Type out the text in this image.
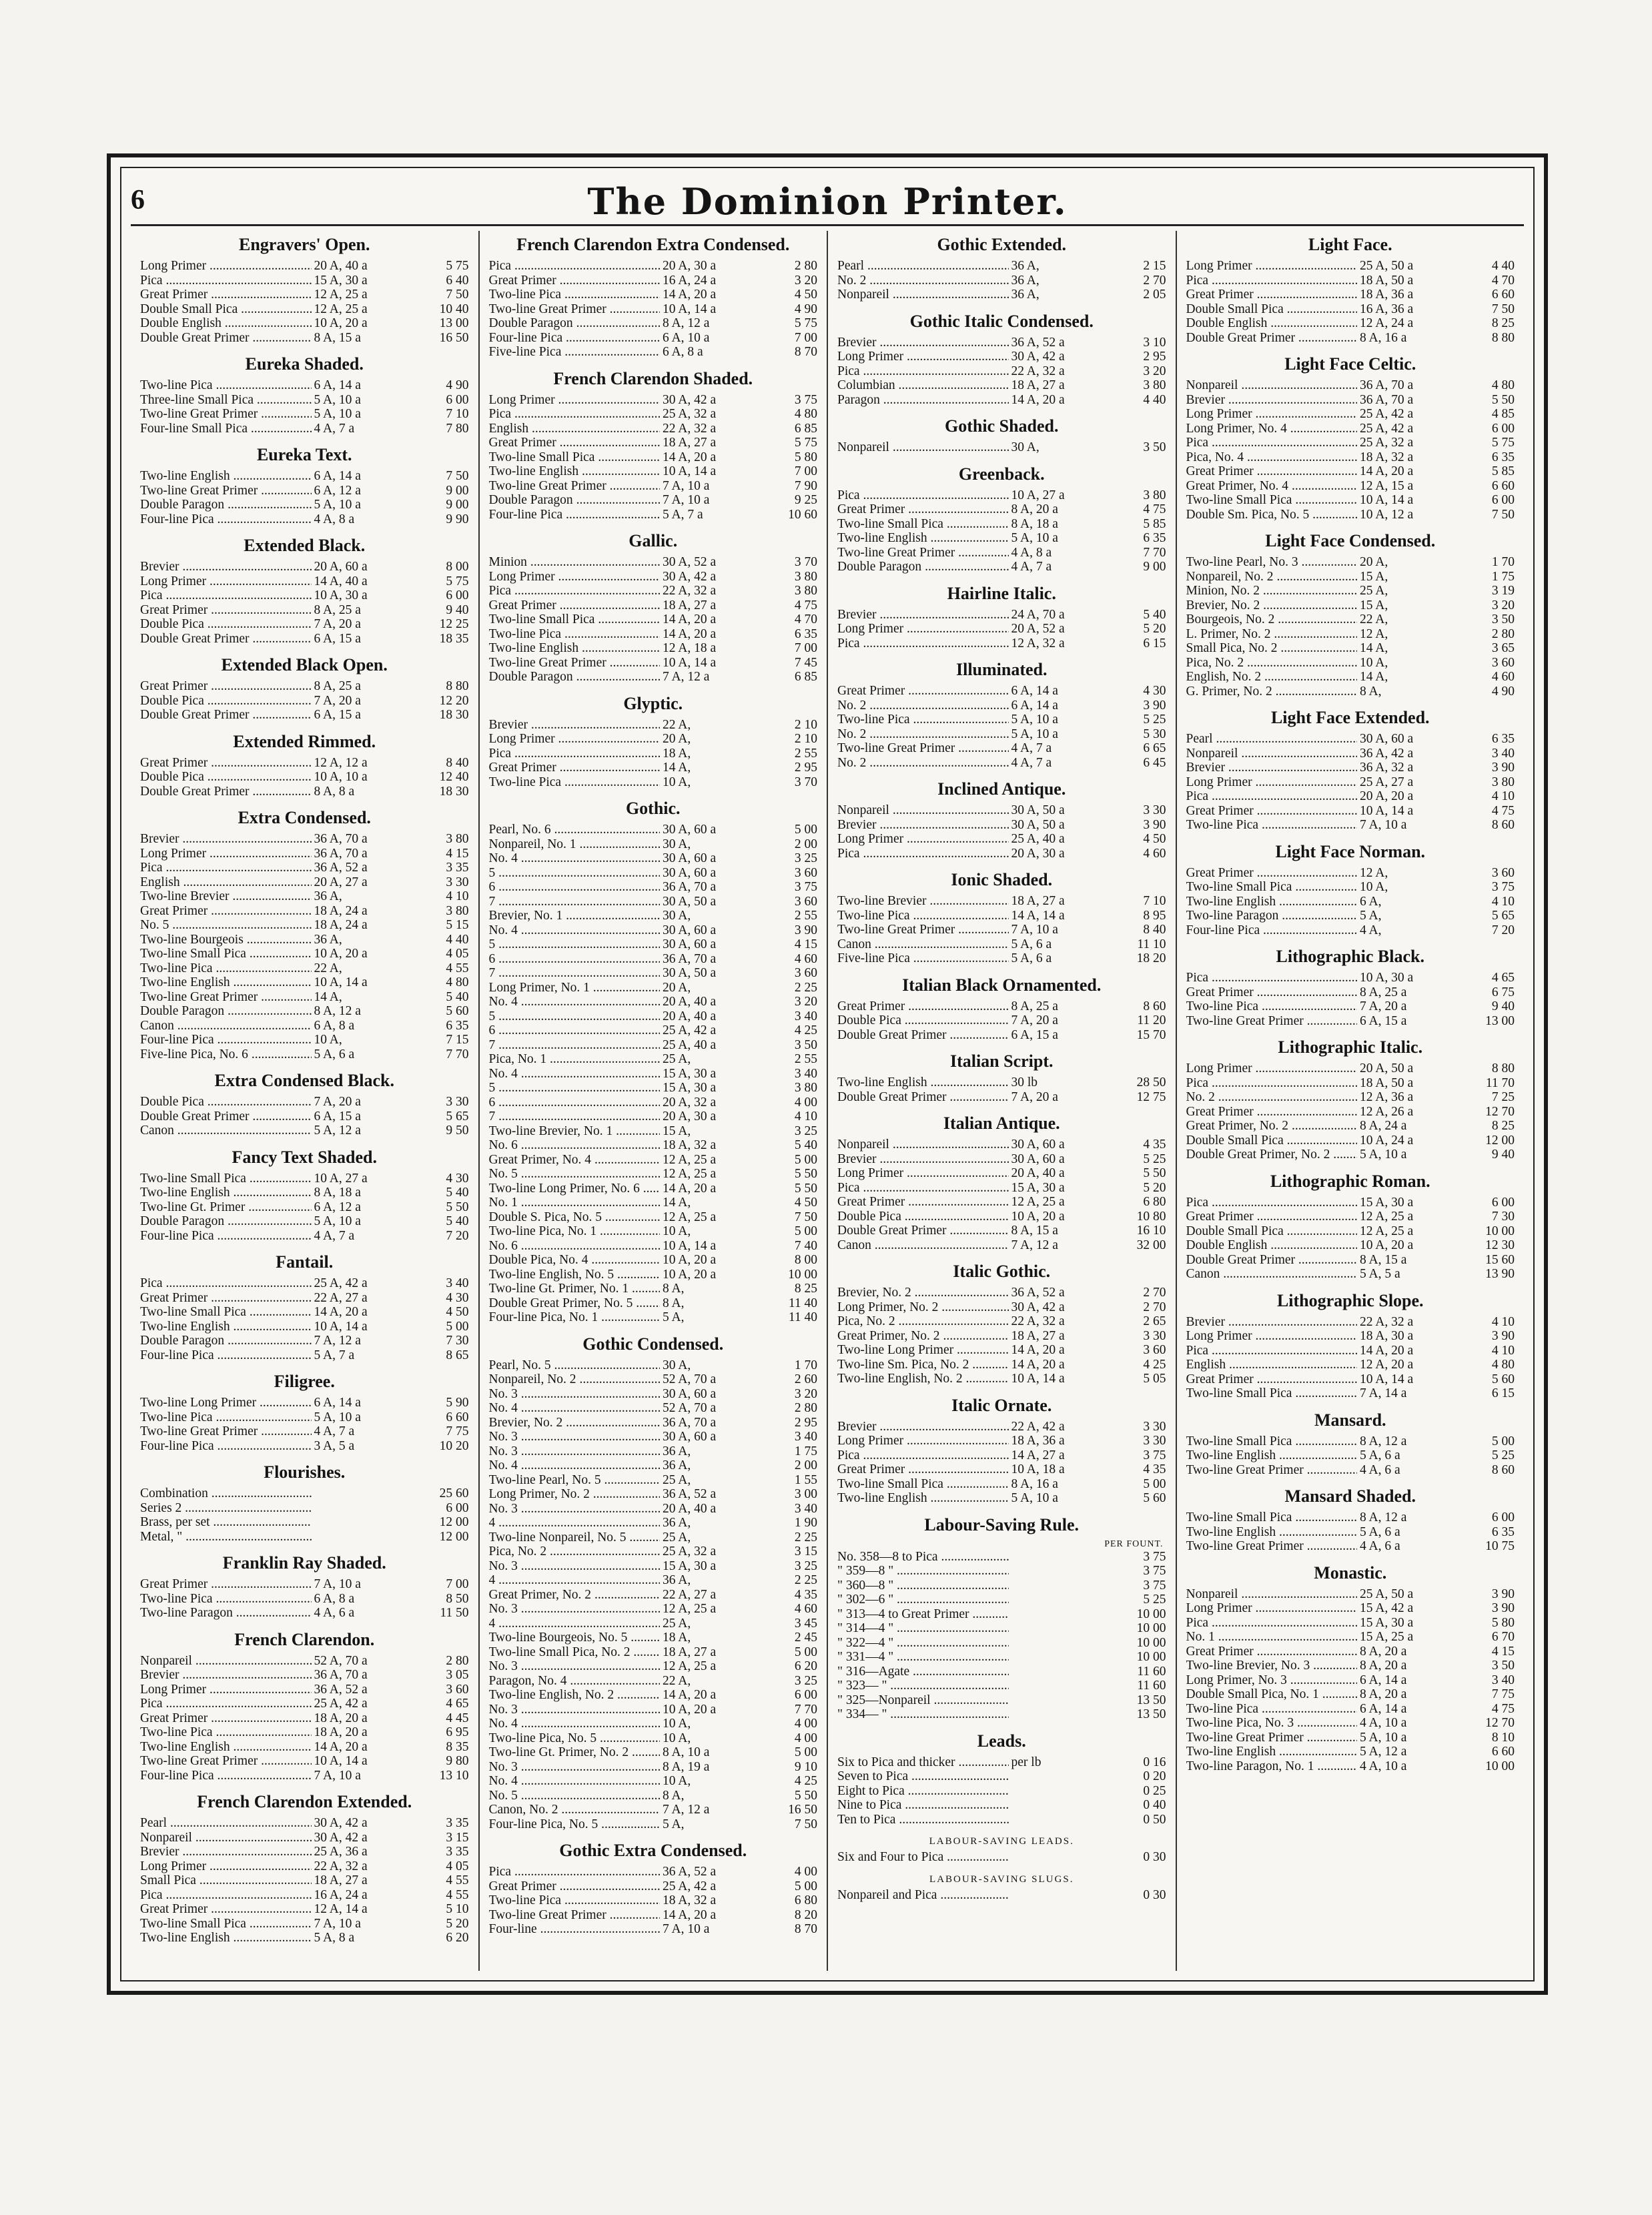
6	The Dominion Printer.
Engravers' Open.
Long Primer .....	20 A, 40 a	5 75
Pica .....	15 A, 30 a	6 40
Great Primer .....	12 A, 25 a	7 50
Double Small Pica .....	12 A, 25 a	10 40
Double English .....	10 A, 20 a	13 00
Double Great Primer .....	8 A, 15 a	16 50
Eureka Shaded.
Two-line Pica .....	6 A, 14 a	4 90
Three-line Small Pica .....	5 A, 10 a	6 00
Two-line Great Primer .....	5 A, 10 a	7 10
Four-line Small Pica .....	4 A, 7 a	7 80
Eureka Text.
Two-line English .....	6 A, 14 a	7 50
Two-line Great Primer .....	6 A, 12 a	9 00
Double Paragon .....	5 A, 10 a	9 00
Four-line Pica .....	4 A, 8 a	9 90
Extended Black.
Brevier .....	20 A, 60 a	8 00
Long Primer .....	14 A, 40 a	5 75
Pica .....	10 A, 30 a	6 00
Great Primer .....	8 A, 25 a	9 40
Double Pica .....	7 A, 20 a	12 25
Double Great Primer .....	6 A, 15 a	18 35
Extended Black Open.
Great Primer .....	8 A, 25 a	8 80
Double Pica .....	7 A, 20 a	12 20
Double Great Primer .....	6 A, 15 a	18 30
Extended Rimmed.
Great Primer .....	12 A, 12 a	8 40
Double Pica .....	10 A, 10 a	12 40
Double Great Primer .....	8 A, 8 a	18 30
Extra Condensed.
Brevier .....	36 A, 70 a	3 80
Long Primer .....	36 A, 70 a	4 15
Pica .....	36 A, 52 a	3 35
English .....	20 A, 27 a	3 30
Two-line Brevier .....	36 A,	4 10
Great Primer .....	18 A, 24 a	3 80
No. 5 .....	18 A, 24 a	5 15
Two-line Bourgeois .....	36 A,	4 40
Two-line Small Pica .....	10 A, 20 a	4 05
Two-line Pica .....	22 A,	4 55
Two-line English .....	10 A, 14 a	4 80
Two-line Great Primer .....	14 A,	5 40
Double Paragon .....	8 A, 12 a	5 60
Canon .....	6 A, 8 a	6 35
Four-line Pica .....	10 A,	7 15
Five-line Pica, No. 6 .....	5 A, 6 a	7 70
Extra Condensed Black.
Double Pica .....	7 A, 20 a	3 30
Double Great Primer .....	6 A, 15 a	5 65
Canon .....	5 A, 12 a	9 50
Fancy Text Shaded.
Two-line Small Pica .....	10 A, 27 a	4 30
Two-line English .....	8 A, 18 a	5 40
Two-line Gt. Primer .....	6 A, 12 a	5 50
Double Paragon .....	5 A, 10 a	5 40
Four-line Pica .....	4 A, 7 a	7 20
Fantail.
Pica .....	25 A, 42 a	3 40
Great Primer .....	22 A, 27 a	4 30
Two-line Small Pica .....	14 A, 20 a	4 50
Two-line English .....	10 A, 14 a	5 00
Double Paragon .....	7 A, 12 a	7 30
Four-line Pica .....	5 A, 7 a	8 65
Filigree.
Two-line Long Primer .....	6 A, 14 a	5 90
Two-line Pica .....	5 A, 10 a	6 60
Two-line Great Primer .....	4 A, 7 a	7 75
Four-line Pica .....	3 A, 5 a	10 20
Flourishes.
Combination .....	25 60
Series 2 .....	6 00
Brass, per set .....	12 00
Metal, " .....	12 00
Franklin Ray Shaded.
Great Primer .....	7 A, 10 a	7 00
Two-line Pica .....	6 A, 8 a	8 50
Two-line Paragon .....	4 A, 6 a	11 50
French Clarendon.
Nonpareil .....	52 A, 70 a	2 80
Brevier .....	36 A, 70 a	3 05
Long Primer .....	36 A, 52 a	3 60
Pica .....	25 A, 42 a	4 65
Great Primer .....	18 A, 20 a	4 45
Two-line Pica .....	18 A, 20 a	6 95
Two-line English .....	14 A, 20 a	8 35
Two-line Great Primer .....	10 A, 14 a	9 80
Four-line Pica .....	7 A, 10 a	13 10
French Clarendon Extended.
Pearl .....	30 A, 42 a	3 35
Nonpareil .....	30 A, 42 a	3 15
Brevier .....	25 A, 36 a	3 35
Long Primer .....	22 A, 32 a	4 05
Small Pica .....	18 A, 27 a	4 55
Pica .....	16 A, 24 a	4 55
Great Primer .....	12 A, 14 a	5 10
Two-line Small Pica .....	7 A, 10 a	5 20
Two-line English .....	5 A, 8 a	6 20
French Clarendon Extra Condensed.
Pica .....	20 A, 30 a	2 80
Great Primer .....	16 A, 24 a	3 20
Two-line Pica .....	14 A, 20 a	4 50
Two-line Great Primer .....	10 A, 14 a	4 90
Double Paragon .....	8 A, 12 a	5 75
Four-line Pica .....	6 A, 10 a	7 00
Five-line Pica .....	6 A, 8 a	8 70
French Clarendon Shaded.
Long Primer .....	30 A, 42 a	3 75
Pica .....	25 A, 32 a	4 80
English .....	22 A, 32 a	6 85
Great Primer .....	18 A, 27 a	5 75
Two-line Small Pica .....	14 A, 20 a	5 80
Two-line English .....	10 A, 14 a	7 00
Two-line Great Primer .....	7 A, 10 a	7 90
Double Paragon .....	7 A, 10 a	9 25
Four-line Pica .....	5 A, 7 a	10 60
Gallic.
Minion .....	30 A, 52 a	3 70
Long Primer .....	30 A, 42 a	3 80
Pica .....	22 A, 32 a	3 80
Great Primer .....	18 A, 27 a	4 75
Two-line Small Pica .....	14 A, 20 a	4 70
Two-line Pica .....	14 A, 20 a	6 35
Two-line English .....	12 A, 18 a	7 00
Two-line Great Primer .....	10 A, 14 a	7 45
Double Paragon .....	7 A, 12 a	6 85
Glyptic.
Brevier .....	22 A,	2 10
Long Primer .....	20 A,	2 10
Pica .....	18 A,	2 55
Great Primer .....	14 A,	2 95
Two-line Pica .....	10 A,	3 70
Gothic.
Pearl, No. 6 .....	30 A, 60 a	5 00
Nonpareil, No. 1 .....	30 A,	2 00
No. 4 .....	30 A, 60 a	3 25
5 .....	30 A, 60 a	3 60
6 .....	36 A, 70 a	3 75
7 .....	30 A, 50 a	3 60
Brevier, No. 1 .....	30 A,	2 55
No. 4 .....	30 A, 60 a	3 90
5 .....	30 A, 60 a	4 15
6 .....	36 A, 70 a	4 60
7 .....	30 A, 50 a	3 60
Long Primer, No. 1 .....	20 A,	2 25
No. 4 .....	20 A, 40 a	3 20
5 .....	20 A, 40 a	3 40
6 .....	25 A, 42 a	4 25
7 .....	25 A, 40 a	3 50
Pica, No. 1 .....	25 A,	2 55
No. 4 .....	15 A, 30 a	3 40
5 .....	15 A, 30 a	3 80
6 .....	20 A, 32 a	4 00
7 .....	20 A, 30 a	4 10
Two-line Brevier, No. 1 .....	15 A,	3 25
No. 6 .....	18 A, 32 a	5 40
Great Primer, No. 4 .....	12 A, 25 a	5 00
No. 5 .....	12 A, 25 a	5 50
Two-line Long Primer, No. 6 .....	14 A, 20 a	5 50
No. 1 .....	14 A,	4 50
Double S. Pica, No. 5 .....	12 A, 25 a	7 50
Two-line Pica, No. 1 .....	10 A,	5 00
No. 6 .....	10 A, 14 a	7 40
Double Pica, No. 4 .....	10 A, 20 a	8 00
Two-line English, No. 5 .....	10 A, 20 a	10 00
Two-line Gt. Primer, No. 1 .....	8 A,	8 25
Double Great Primer, No. 5 .....	8 A,	11 40
Four-line Pica, No. 1 .....	5 A,	11 40
Gothic Condensed.
Pearl, No. 5 .....	30 A,	1 70
Nonpareil, No. 2 .....	52 A, 70 a	2 60
No. 3 .....	30 A, 60 a	3 20
No. 4 .....	52 A, 70 a	2 80
Brevier, No. 2 .....	36 A, 70 a	2 95
No. 3 .....	30 A, 60 a	3 40
No. 3 .....	36 A,	1 75
No. 4 .....	36 A,	2 00
Two-line Pearl, No. 5 .....	25 A,	1 55
Long Primer, No. 2 .....	36 A, 52 a	3 00
No. 3 .....	20 A, 40 a	3 40
4 .....	36 A,	1 90
Two-line Nonpareil, No. 5 .....	25 A,	2 25
Pica, No. 2 .....	25 A, 32 a	3 15
No. 3 .....	15 A, 30 a	3 25
4 .....	36 A,	2 25
Great Primer, No. 2 .....	22 A, 27 a	4 35
No. 3 .....	12 A, 25 a	4 60
4 .....	25 A,	3 45
Two-line Bourgeois, No. 5 .....	18 A,	2 45
Two-line Small Pica, No. 2 .....	18 A, 27 a	5 00
No. 3 .....	12 A, 25 a	6 20
Paragon, No. 4 .....	22 A,	3 25
Two-line English, No. 2 .....	14 A, 20 a	6 00
No. 3 .....	10 A, 20 a	7 70
No. 4 .....	10 A,	4 00
Two-line Pica, No. 5 .....	10 A,	4 00
Two-line Gt. Primer, No. 2 .....	8 A, 10 a	5 00
No. 3 .....	8 A, 19 a	9 10
No. 4 .....	10 A,	4 25
No. 5 .....	8 A,	5 50
Canon, No. 2 .....	7 A, 12 a	16 50
Four-line Pica, No. 5 .....	5 A,	7 50
Gothic Extra Condensed.
Pica .....	36 A, 52 a	4 00
Great Primer .....	25 A, 42 a	5 00
Two-line Pica .....	18 A, 32 a	6 80
Two-line Great Primer .....	14 A, 20 a	8 20
Four-line .....	7 A, 10 a	8 70
Gothic Extended.
Pearl .....	36 A,	2 15
No. 2 .....	36 A,	2 70
Nonpareil .....	36 A,	2 05
Gothic Italic Condensed.
Brevier .....	36 A, 52 a	3 10
Long Primer .....	30 A, 42 a	2 95
Pica .....	22 A, 32 a	3 20
Columbian .....	18 A, 27 a	3 80
Paragon .....	14 A, 20 a	4 40
Gothic Shaded.
Nonpareil .....	30 A,	3 50
Greenback.
Pica .....	10 A, 27 a	3 80
Great Primer .....	8 A, 20 a	4 75
Two-line Small Pica .....	8 A, 18 a	5 85
Two-line English .....	5 A, 10 a	6 35
Two-line Great Primer .....	4 A, 8 a	7 70
Double Paragon .....	4 A, 7 a	9 00
Hairline Italic.
Brevier .....	24 A, 70 a	5 40
Long Primer .....	20 A, 52 a	5 20
Pica .....	12 A, 32 a	6 15
Illuminated.
Great Primer .....	6 A, 14 a	4 30
No. 2 .....	6 A, 14 a	3 90
Two-line Pica .....	5 A, 10 a	5 25
No. 2 .....	5 A, 10 a	5 30
Two-line Great Primer .....	4 A, 7 a	6 65
No. 2 .....	4 A, 7 a	6 45
Inclined Antique.
Nonpareil .....	30 A, 50 a	3 30
Brevier .....	30 A, 50 a	3 90
Long Primer .....	25 A, 40 a	4 50
Pica .....	20 A, 30 a	4 60
Ionic Shaded.
Two-line Brevier .....	18 A, 27 a	7 10
Two-line Pica .....	14 A, 14 a	8 95
Two-line Great Primer .....	7 A, 10 a	8 40
Canon .....	5 A, 6 a	11 10
Five-line Pica .....	5 A, 6 a	18 20
Italian Black Ornamented.
Great Primer .....	8 A, 25 a	8 60
Double Pica .....	7 A, 20 a	11 20
Double Great Primer .....	6 A, 15 a	15 70
Italian Script.
Two-line English .....	30 lb	28 50
Double Great Primer .....	7 A, 20 a	12 75
Italian Antique.
Nonpareil .....	30 A, 60 a	4 35
Brevier .....	30 A, 60 a	5 25
Long Primer .....	20 A, 40 a	5 50
Pica .....	15 A, 30 a	5 20
Great Primer .....	12 A, 25 a	6 80
Double Pica .....	10 A, 20 a	10 80
Double Great Primer .....	8 A, 15 a	16 10
Canon .....	7 A, 12 a	32 00
Italic Gothic.
Brevier, No. 2 .....	36 A, 52 a	2 70
Long Primer, No. 2 .....	30 A, 42 a	2 70
Pica, No. 2 .....	22 A, 32 a	2 65
Great Primer, No. 2 .....	18 A, 27 a	3 30
Two-line Long Primer .....	14 A, 20 a	3 60
Two-line Sm. Pica, No. 2 .....	14 A, 20 a	4 25
Two-line English, No. 2 .....	10 A, 14 a	5 05
Italic Ornate.
Brevier .....	22 A, 42 a	3 30
Long Primer .....	18 A, 36 a	3 30
Pica .....	14 A, 27 a	3 75
Great Primer .....	10 A, 18 a	4 35
Two-line Small Pica .....	8 A, 16 a	5 00
Two-line English .....	5 A, 10 a	5 60
Labour-Saving Rule.
PER FOUNT.
No. 358—8 to Pica .....	3 75
" 359—8 " .....	3 75
" 360—8 " .....	3 75
" 302—6 " .....	5 25
" 313—4 to Great Primer .....	10 00
" 314—4 " .....	10 00
" 322—4 " .....	10 00
" 331—4 " .....	10 00
" 316—Agate .....	11 60
" 323— " .....	11 60
" 325—Nonpareil .....	13 50
" 334— " .....	13 50
Leads.
Six to Pica and thicker .....	per lb	0 16
Seven to Pica .....	0 20
Eight to Pica .....	0 25
Nine to Pica .....	0 40
Ten to Pica .....	0 50
LABOUR-SAVING LEADS.
Six and Four to Pica .....	0 30
LABOUR-SAVING SLUGS.
Nonpareil and Pica .....	0 30
Light Face.
Long Primer .....	25 A, 50 a	4 40
Pica .....	18 A, 50 a	4 70
Great Primer .....	18 A, 36 a	6 60
Double Small Pica .....	16 A, 36 a	7 50
Double English .....	12 A, 24 a	8 25
Double Great Primer .....	8 A, 16 a	8 80
Light Face Celtic.
Nonpareil .....	36 A, 70 a	4 80
Brevier .....	36 A, 70 a	5 50
Long Primer .....	25 A, 42 a	4 85
Long Primer, No. 4 .....	25 A, 42 a	6 00
Pica .....	25 A, 32 a	5 75
Pica, No. 4 .....	18 A, 32 a	6 35
Great Primer .....	14 A, 20 a	5 85
Great Primer, No. 4 .....	12 A, 15 a	6 60
Two-line Small Pica .....	10 A, 14 a	6 00
Double Sm. Pica, No. 5 .....	10 A, 12 a	7 50
Light Face Condensed.
Two-line Pearl, No. 3 .....	20 A,	1 70
Nonpareil, No. 2 .....	15 A,	1 75
Minion, No. 2 .....	25 A,	3 19
Brevier, No. 2 .....	15 A,	3 20
Bourgeois, No. 2 .....	22 A,	3 50
L. Primer, No. 2 .....	12 A,	2 80
Small Pica, No. 2 .....	14 A,	3 65
Pica, No. 2 .....	10 A,	3 60
English, No. 2 .....	14 A,	4 60
G. Primer, No. 2 .....	8 A,	4 90
Light Face Extended.
Pearl .....	30 A, 60 a	6 35
Nonpareil .....	36 A, 42 a	3 40
Brevier .....	36 A, 32 a	3 90
Long Primer .....	25 A, 27 a	3 80
Pica .....	20 A, 20 a	4 10
Great Primer .....	10 A, 14 a	4 75
Two-line Pica .....	7 A, 10 a	8 60
Light Face Norman.
Great Primer .....	12 A,	3 60
Two-line Small Pica .....	10 A,	3 75
Two-line English .....	6 A,	4 10
Two-line Paragon .....	5 A,	5 65
Four-line Pica .....	4 A,	7 20
Lithographic Black.
Pica .....	10 A, 30 a	4 65
Great Primer .....	8 A, 25 a	6 75
Two-line Pica .....	7 A, 20 a	9 40
Two-line Great Primer .....	6 A, 15 a	13 00
Lithographic Italic.
Long Primer .....	20 A, 50 a	8 80
Pica .....	18 A, 50 a	11 70
No. 2 .....	12 A, 36 a	7 25
Great Primer .....	12 A, 26 a	12 70
Great Primer, No. 2 .....	8 A, 24 a	8 25
Double Small Pica .....	10 A, 24 a	12 00
Double Great Primer, No. 2 .....	5 A, 10 a	9 40
Lithographic Roman.
Pica .....	15 A, 30 a	6 00
Great Primer .....	12 A, 25 a	7 30
Double Small Pica .....	12 A, 25 a	10 00
Double English .....	10 A, 20 a	12 30
Double Great Primer .....	8 A, 15 a	15 60
Canon .....	5 A, 5 a	13 90
Lithographic Slope.
Brevier .....	22 A, 32 a	4 10
Long Primer .....	18 A, 30 a	3 90
Pica .....	14 A, 20 a	4 10
English .....	12 A, 20 a	4 80
Great Primer .....	10 A, 14 a	5 60
Two-line Small Pica .....	7 A, 14 a	6 15
Mansard.
Two-line Small Pica .....	8 A, 12 a	5 00
Two-line English .....	5 A, 6 a	5 25
Two-line Great Primer .....	4 A, 6 a	8 60
Mansard Shaded.
Two-line Small Pica .....	8 A, 12 a	6 00
Two-line English .....	5 A, 6 a	6 35
Two-line Great Primer .....	4 A, 6 a	10 75
Monastic.
Nonpareil .....	25 A, 50 a	3 90
Long Primer .....	15 A, 42 a	3 90
Pica .....	15 A, 30 a	5 80
No. 1 .....	15 A, 25 a	6 70
Great Primer .....	8 A, 20 a	4 15
Two-line Brevier, No. 3 .....	8 A, 20 a	3 50
Long Primer, No. 3 .....	6 A, 14 a	3 40
Double Small Pica, No. 1 .....	8 A, 20 a	7 75
Two-line Pica .....	6 A, 14 a	4 75
Two-line Pica, No. 3 .....	4 A, 10 a	12 70
Two-line Great Primer .....	5 A, 10 a	8 10
Two-line English .....	5 A, 12 a	6 60
Two-line Paragon, No. 1 .....	4 A, 10 a	10 00
